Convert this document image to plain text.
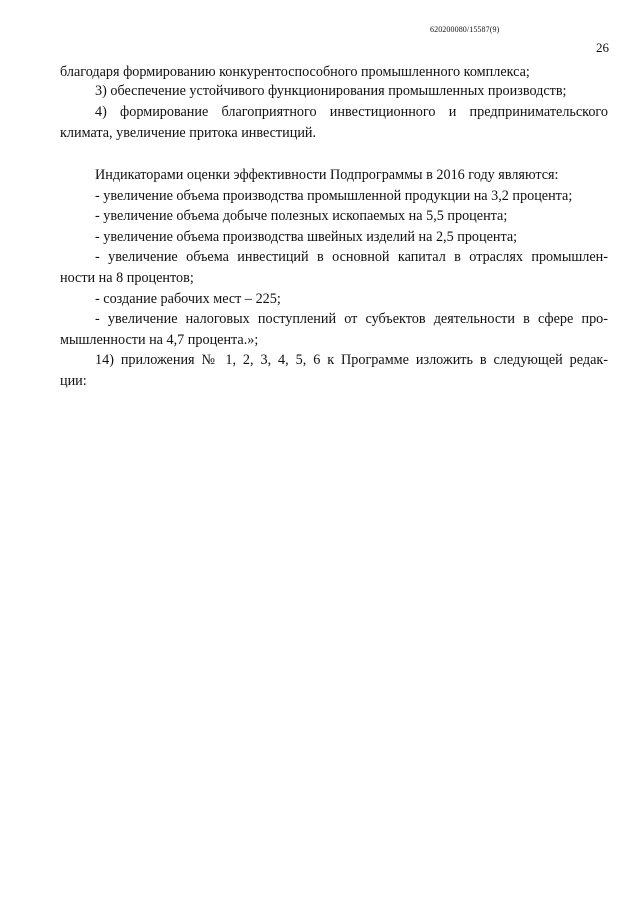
620200080/15587(9)
26
благодаря формированию конкурентоспособного промышленного комплекса;
3) обеспечение устойчивого функционирования промышленных производств;
4) формирование благоприятного инвестиционного и предпринимательского
климата, увеличение притока инвестиций.
Индикаторами оценки эффективности Подпрограммы в 2016 году являются:
- увеличение объема производства промышленной продукции на 3,2 процента;
- увеличение объема добыче полезных ископаемых на 5,5 процента;
- увеличение объема производства швейных изделий на 2,5 процента;
- увеличение объема инвестиций в основной капитал в отраслях промышлен-
ности на 8 процентов;
- создание рабочих мест – 225;
- увеличение налоговых поступлений от субъектов деятельности в сфере про-
мышленности на 4,7 процента.»;
14) приложения № 1, 2, 3, 4, 5, 6 к Программе изложить в следующей редак-
ции:
